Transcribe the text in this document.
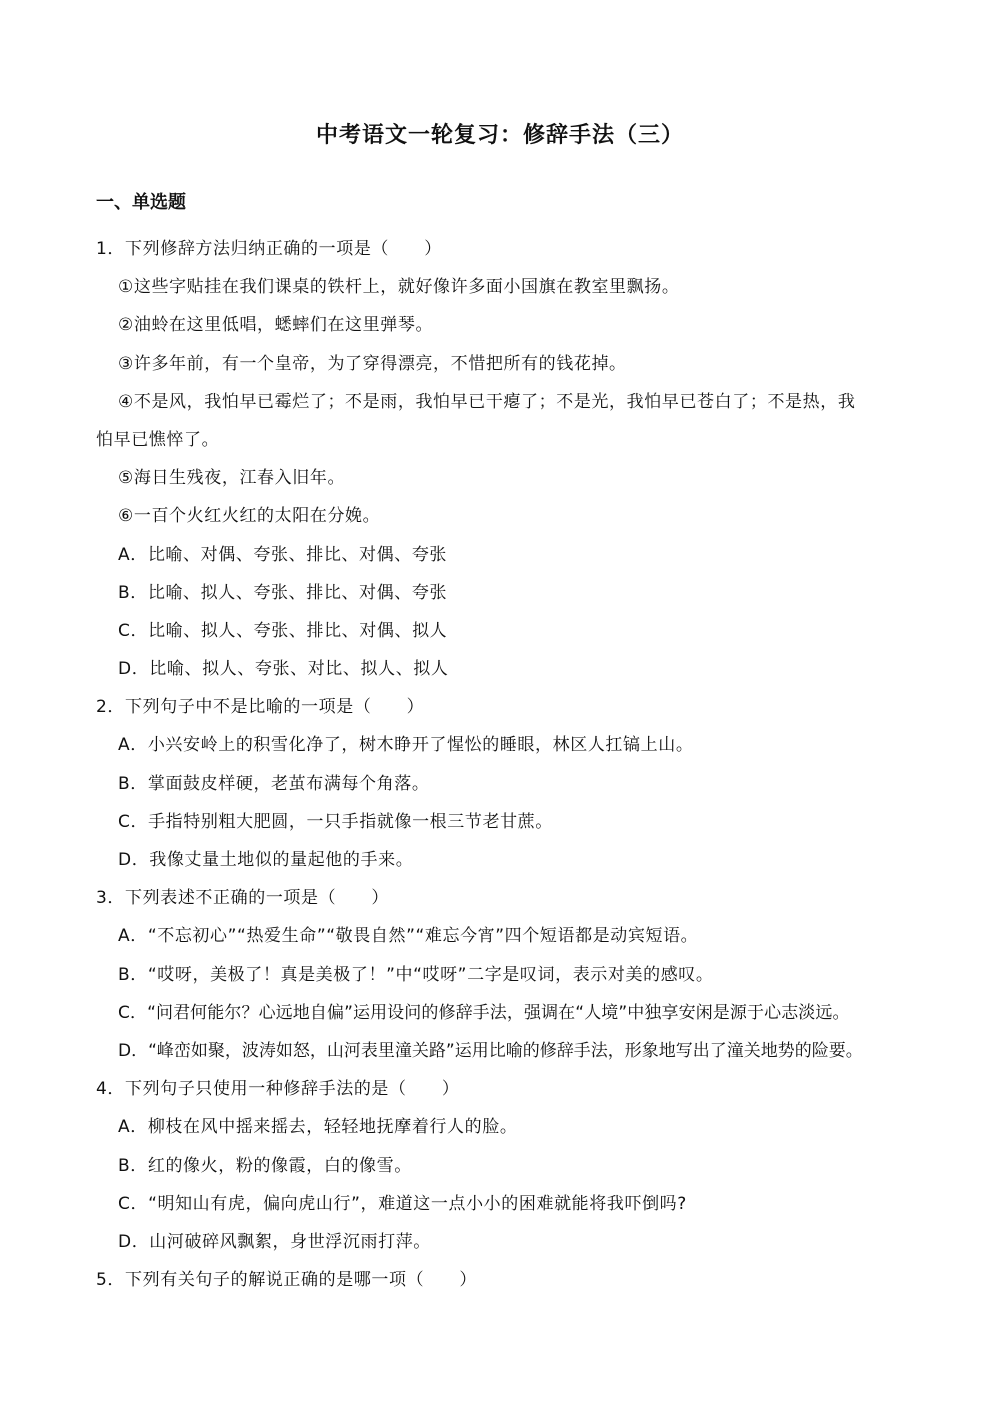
中考语文一轮复习：修辞手法（三）
一、单选题
1．下列修辞方法归纳正确的一项是（　　）
①这些字贴挂在我们课桌的铁杆上，就好像许多面小国旗在教室里飘扬。
②油蛉在这里低唱，蟋蟀们在这里弹琴。
③许多年前，有一个皇帝，为了穿得漂亮，不惜把所有的钱花掉。
④不是风，我怕早已霉烂了；不是雨，我怕早已干瘪了；不是光，我怕早已苍白了；不是热，我
怕早已憔悴了。
⑤海日生残夜，江春入旧年。
⑥一百个火红火红的太阳在分娩。
A．比喻、对偶、夸张、排比、对偶、夸张
B．比喻、拟人、夸张、排比、对偶、夸张
C．比喻、拟人、夸张、排比、对偶、拟人
D．比喻、拟人、夸张、对比、拟人、拟人
2．下列句子中不是比喻的一项是（　　）
A．小兴安岭上的积雪化净了，树木睁开了惺忪的睡眼，林区人扛镐上山。
B．掌面鼓皮样硬，老茧布满每个角落。
C．手指特别粗大肥圆，一只手指就像一根三节老甘蔗。
D．我像丈量土地似的量起他的手来。
3．下列表述不正确的一项是（　　）
A．“不忘初心”“热爱生命”“敬畏自然”“难忘今宵”四个短语都是动宾短语。
B．“哎呀，美极了！真是美极了！”中“哎呀”二字是叹词，表示对美的感叹。
C．“问君何能尔？心远地自偏”运用设问的修辞手法，强调在“人境”中独享安闲是源于心志淡远。
D．“峰峦如聚，波涛如怒，山河表里潼关路”运用比喻的修辞手法，形象地写出了潼关地势的险要。
4．下列句子只使用一种修辞手法的是（　　）
A．柳枝在风中摇来摇去，轻轻地抚摩着行人的脸。
B．红的像火，粉的像霞，白的像雪。
C．“明知山有虎，偏向虎山行”，难道这一点小小的困难就能将我吓倒吗?
D．山河破碎风飘絮，身世浮沉雨打萍。
5．下列有关句子的解说正确的是哪一项（　　）
